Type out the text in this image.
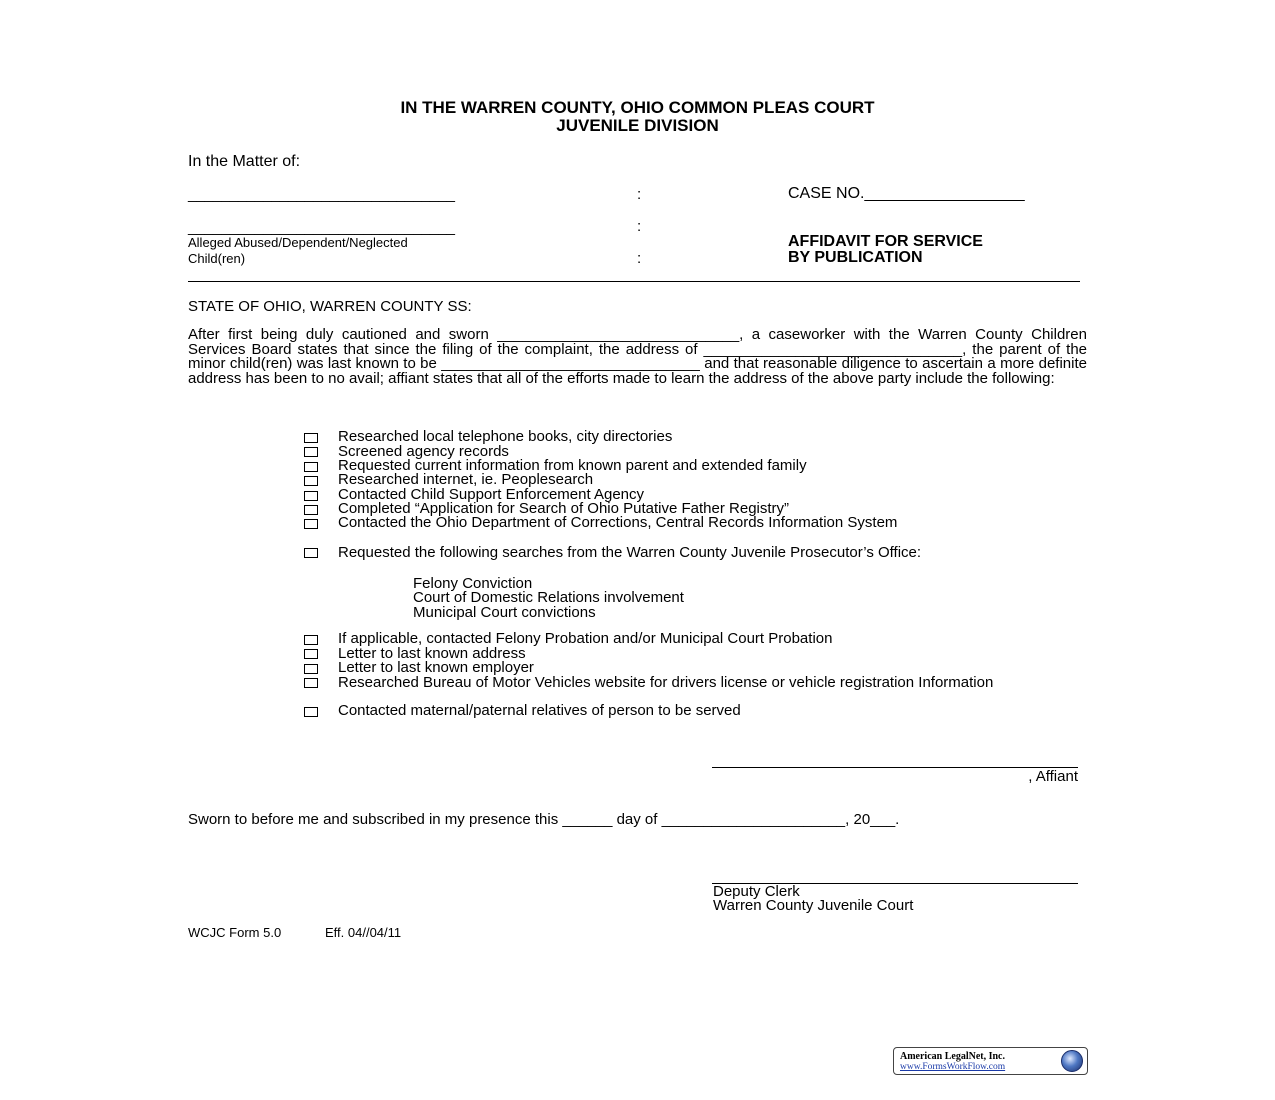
IN THE WARREN COUNTY, OHIO COMMON PLEAS COURT
JUVENILE DIVISION
In the Matter of:
________________________________	:	CASE NO.__________________
________________________________	:
Alleged Abused/Dependent/Neglected
Child(ren)	:
AFFIDAVIT FOR SERVICE
BY PUBLICATION
STATE OF OHIO, WARREN COUNTY SS:
After first being duly cautioned and sworn _____________________________, a caseworker with the Warren County Children Services Board states that since the filing of the complaint, the address of _______________________________, the parent of the minor child(ren) was last known to be _______________________________ and that reasonable diligence to ascertain a more definite address has been to no avail; affiant states that all of the efforts made to learn the address of the above party include the following:
Researched local telephone books, city directories
Screened agency records
Requested current information from known parent and extended family
Researched internet, ie. Peoplesearch
Contacted Child Support Enforcement Agency
Completed “Application for Search of Ohio Putative Father Registry”
Contacted the Ohio Department of Corrections, Central Records Information System
Requested the following searches from the Warren County Juvenile Prosecutor’s Office:
Felony Conviction
Court of Domestic Relations involvement
Municipal Court convictions
If applicable, contacted Felony Probation and/or Municipal Court Probation
Letter to last known address
Letter to last known employer
Researched Bureau of Motor Vehicles website for drivers license or vehicle registration Information
Contacted maternal/paternal relatives of person to be served
, Affiant
Sworn to before me and subscribed in my presence this ______ day of ______________________, 20___.
Deputy Clerk
Warren County Juvenile Court
WCJC Form 5.0	Eff. 04//04/11
American LegalNet, Inc.
www.FormsWorkFlow.com
